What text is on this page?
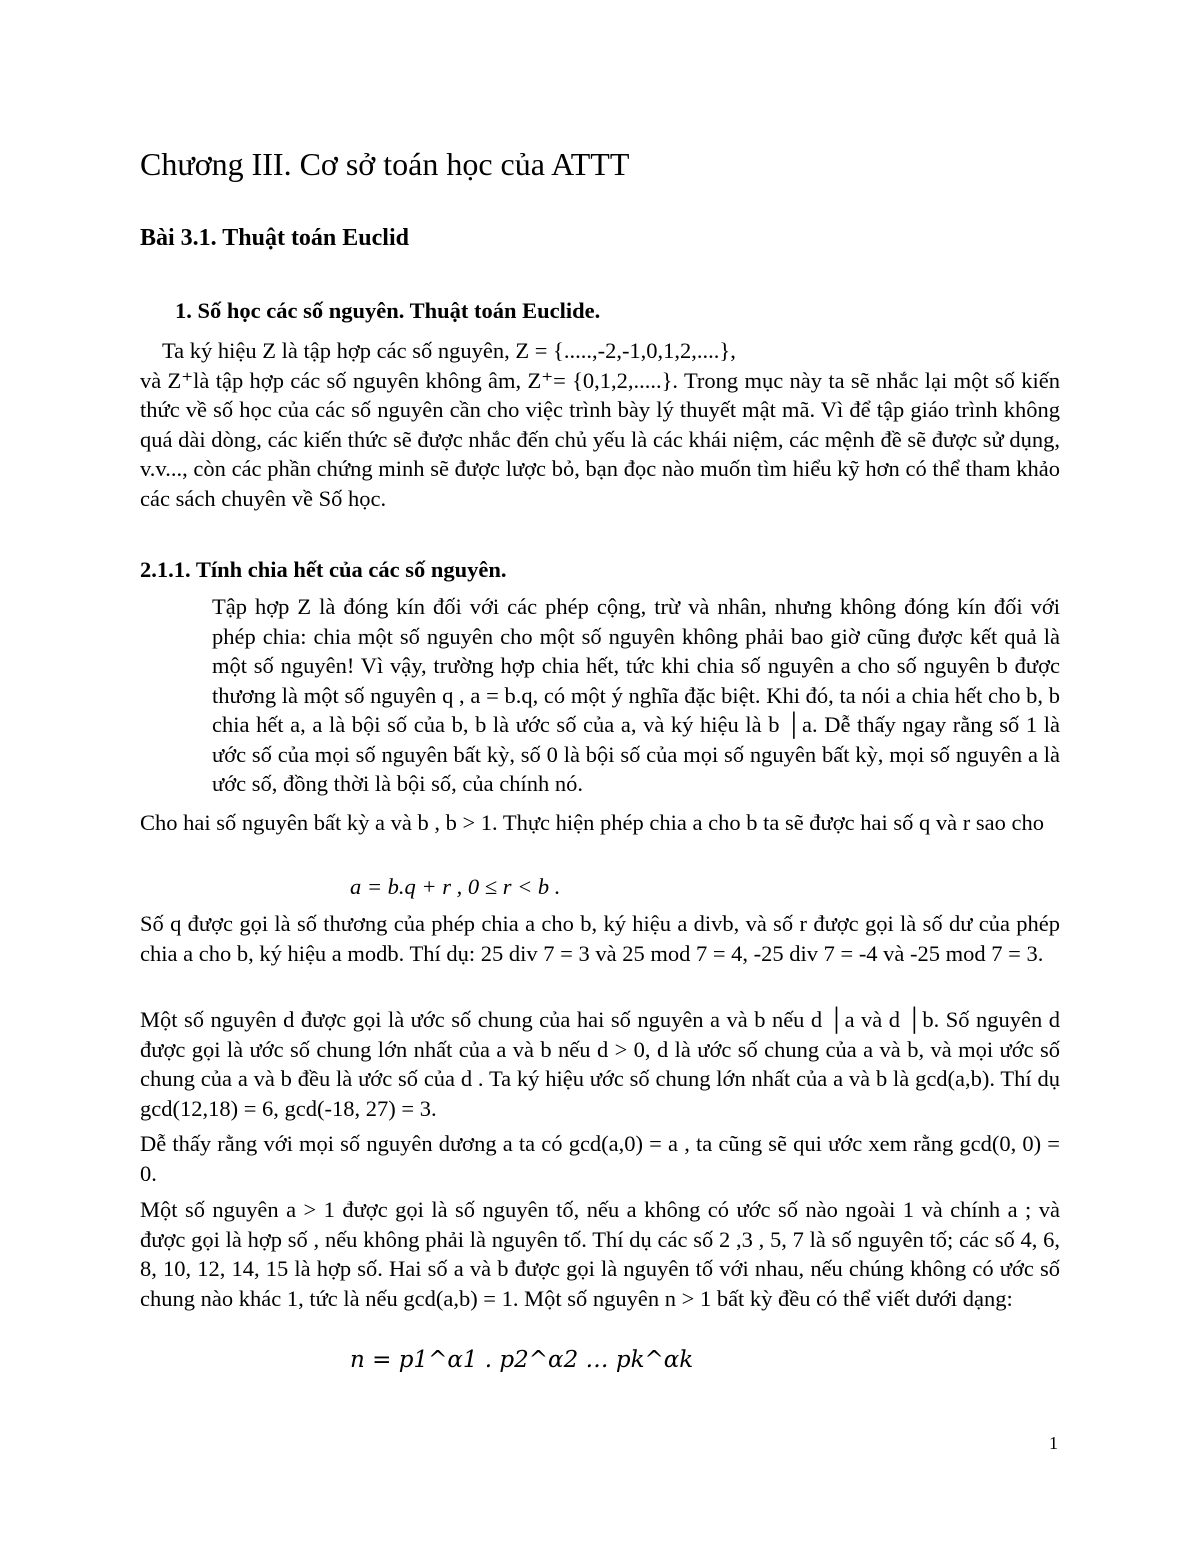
Chương III. Cơ sở toán học của ATTT
Bài 3.1. Thuật toán Euclid
1. Số học các số nguyên. Thuật toán Euclide.
Ta ký hiệu Z là tập hợp các số nguyên, Z = {.....,-2,-1,0,1,2,....},
và Z⁺là tập hợp các số nguyên không âm, Z⁺= {0,1,2,.....}. Trong mục này ta sẽ nhắc lại một số kiến thức về số học của các số nguyên cần cho việc trình bày lý thuyết mật mã. Vì để tập giáo trình không quá dài dòng, các kiến thức sẽ được nhắc đến chủ yếu là các khái niệm, các mệnh đề sẽ được sử dụng, v.v..., còn các phần chứng minh sẽ được lược bỏ, bạn đọc nào muốn tìm hiểu kỹ hơn có thể tham khảo các sách chuyên về Số học.
2.1.1. Tính chia hết của các số nguyên.
Tập hợp Z là đóng kín đối với các phép cộng, trừ và nhân, nhưng không đóng kín đối với phép chia: chia một số nguyên cho một số nguyên không phải bao giờ cũng được kết quả là một số nguyên! Vì vậy, trường hợp chia hết, tức khi chia số nguyên a cho số nguyên b được thương là một số nguyên q , a = b.q, có một ý nghĩa đặc biệt. Khi đó, ta nói a chia hết cho b, b chia hết a, a là bội số của b, b là ước số của a, và ký hiệu là b │a. Dễ thấy ngay rằng số 1 là ước số của mọi số nguyên bất kỳ, số 0 là bội số của mọi số nguyên bất kỳ, mọi số nguyên a là ước số, đồng thời là bội số, của chính nó.
Cho hai số nguyên bất kỳ a và b , b > 1. Thực hiện phép chia a cho b ta sẽ được hai số q và r sao cho
a = b.q + r , 0 ≤ r < b .
Số q được gọi là số thương của phép chia a cho b, ký hiệu a divb, và số r được gọi là số dư của phép chia a cho b, ký hiệu a modb. Thí dụ: 25 div 7 = 3 và 25 mod 7 = 4, -25 div 7 = -4 và -25 mod 7 = 3.
Một số nguyên d được gọi là ước số chung của hai số nguyên a và b nếu d │a và d │b. Số nguyên d được gọi là ước số chung lớn nhất của a và b nếu d > 0, d là ước số chung của a và b, và mọi ước số chung của a và b đều là ước số của d . Ta ký hiệu ước số chung lớn nhất của a và b là gcd(a,b). Thí dụ gcd(12,18) = 6, gcd(-18, 27) = 3.
Dễ thấy rằng với mọi số nguyên dương a ta có gcd(a,0) = a , ta cũng sẽ qui ước xem rằng gcd(0, 0) = 0.
Một số nguyên a > 1 được gọi là số nguyên tố, nếu a không có ước số nào ngoài 1 và chính a ; và được gọi là hợp số , nếu không phải là nguyên tố. Thí dụ các số 2 ,3 , 5, 7 là số nguyên tố; các số 4, 6, 8, 10, 12, 14, 15 là hợp số. Hai số a và b được gọi là nguyên tố với nhau, nếu chúng không có ước số chung nào khác 1, tức là nếu gcd(a,b) = 1. Một số nguyên n > 1 bất kỳ đều có thể viết dưới dạng:
n = p1^α1 . p2^α2 … pk^αk
1
